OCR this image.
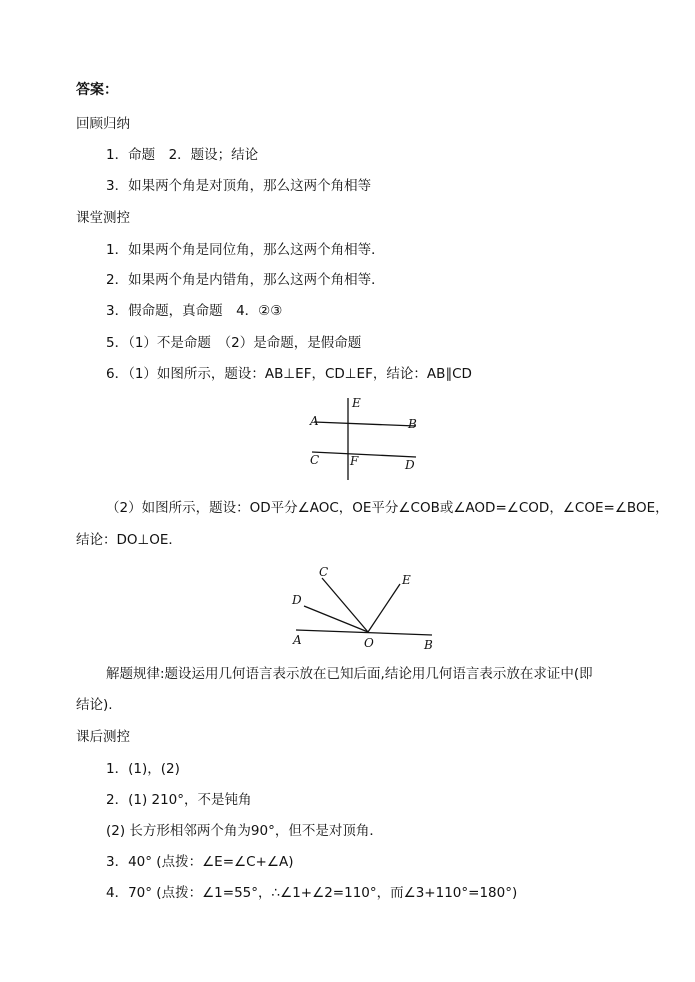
答案：
回顾归纳
1．命题　2．题设；结论
3．如果两个角是对顶角，那么这两个角相等
课堂测控
1．如果两个角是同位角，那么这两个角相等．
2．如果两个角是内错角，那么这两个角相等．
3．假命题，真命题　4．②③
5．（1）不是命题　（2）是命题，是假命题
6．（1）如图所示，题设：AB⊥EF，CD⊥EF，结论：AB∥CD
A	B
C	D
E
F
（2）如图所示，题设：OD平分∠AOC，OE平分∠COB或∠AOD=∠COD，∠COE=∠BOE，
结论：DO⊥OE．
A	B
C
D
E
O
解题规律:题设运用几何语言表示放在已知后面,结论用几何语言表示放在求证中(即
结论).
课后测控
1．(1)，(2)
2．(1) 210°，不是钝角
(2) 长方形相邻两个角为90°，但不是对顶角．
3．40° (点拨：∠E=∠C+∠A)
4．70° (点拨：∠1=55°，∴∠1+∠2=110°，而∠3+110°=180°)
